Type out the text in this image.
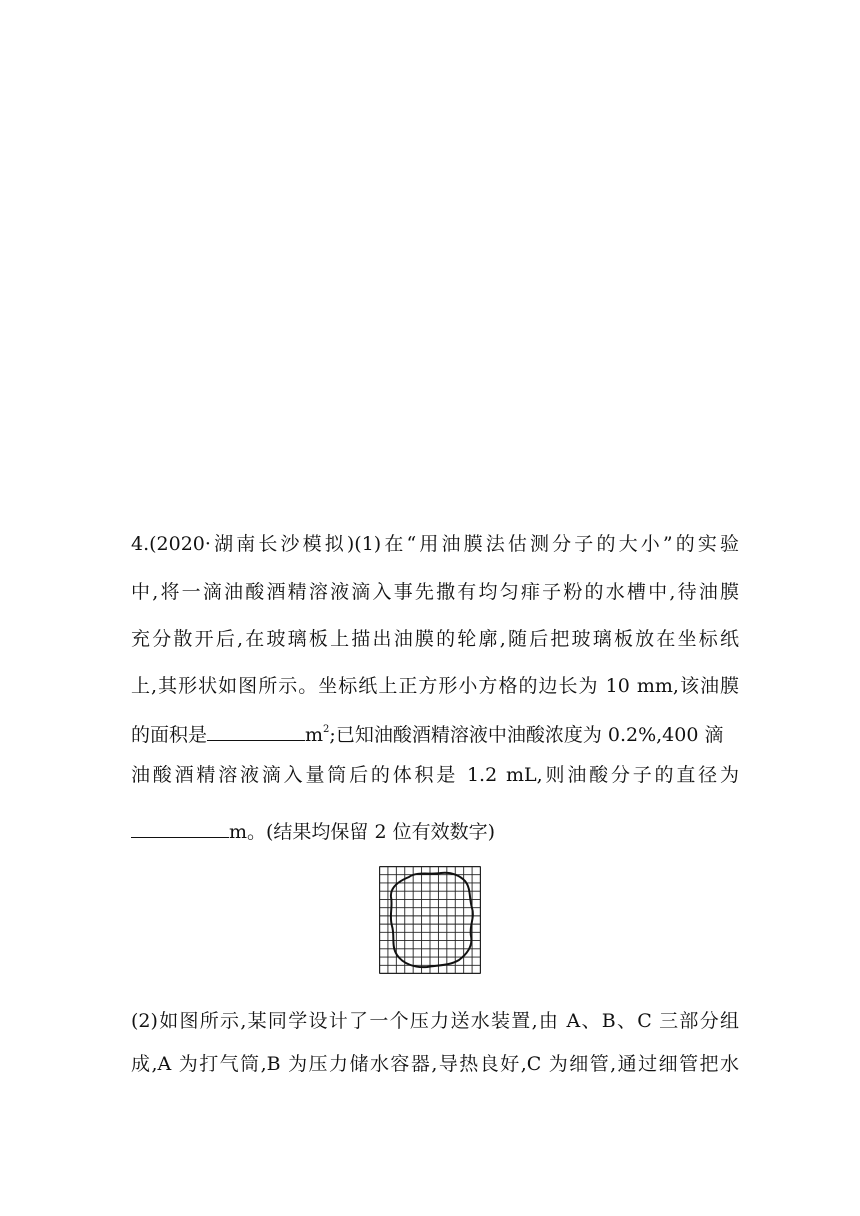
4.(2020·湖南长沙模拟)(1)在“用油膜法估测分子的大小”的实验
中,将一滴油酸酒精溶液滴入事先撒有均匀痱子粉的水槽中,待油膜
充分散开后,在玻璃板上描出油膜的轮廓,随后把玻璃板放在坐标纸
上,其形状如图所示。坐标纸上正方形小方格的边长为 10 mm,该油膜
的面积是	$m^2$;已知油酸酒精溶液中油酸浓度为 0.2%,400 滴
油酸酒精溶液滴入量筒后的体积是 1.2 mL,则油酸分子的直径为
m。(结果均保留 2 位有效数字)
(2)如图所示,某同学设计了一个压力送水装置,由 A、B、C 三部分组
成,A 为打气筒,B 为压力储水容器,导热良好,C 为细管,通过细管把水
